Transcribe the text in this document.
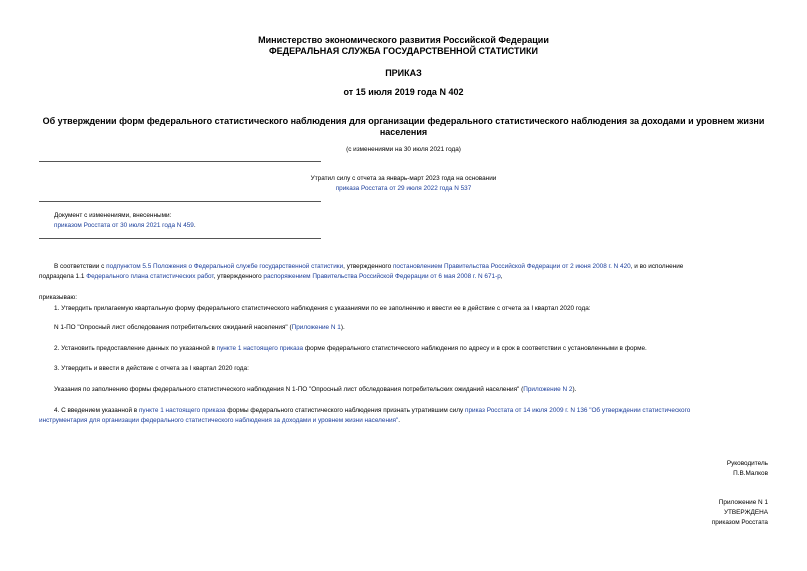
Министерство экономического развития Российской Федерации
ФЕДЕРАЛЬНАЯ СЛУЖБА ГОСУДАРСТВЕННОЙ СТАТИСТИКИ
ПРИКАЗ
от 15 июля 2019 года N 402
Об утверждении форм федерального статистического наблюдения для организации федерального статистического наблюдения за доходами и уровнем жизни
населения
(с изменениями на 30 июля 2021 года)
Утратил силу с отчета за январь-март 2023 года на основании
приказа Росстата от 29 июля 2022 года N 537
Документ с изменениями, внесенными:
приказом Росстата от 30 июля 2021 года N 459.
В соответствии с подпунктом 5.5 Положения о Федеральной службе государственной статистики, утвержденного постановлением Правительства Российской Федерации от 2 июня 2008 г. N 420, и во исполнение
подраздела 1.1 Федерального плана статистических работ, утвержденного распоряжением Правительства Российской Федерации от 6 мая 2008 г. N 671-р,
приказываю:
1. Утвердить прилагаемую квартальную форму федерального статистического наблюдения с указаниями по ее заполнению и ввести ее в действие с отчета за I квартал 2020 года:
N 1-ПО "Опросный лист обследования потребительских ожиданий населения" (Приложение N 1).
2. Установить предоставление данных по указанной в пункте 1 настоящего приказа форме федерального статистического наблюдения по адресу и в срок в соответствии с установленными в форме.
3. Утвердить и ввести в действие с отчета за I квартал 2020 года:
Указания по заполнению формы федерального статистического наблюдения N 1-ПО "Опросный лист обследования потребительских ожиданий населения" (Приложение N 2).
4. С введением указанной в пункте 1 настоящего приказа формы федерального статистического наблюдения признать утратившим силу приказ Росстата от 14 июля 2009 г. N 136 "Об утверждении статистического
инструментария для организации федерального статистического наблюдения за доходами и уровнем жизни населения".
Руководитель
П.В.Малков
Приложение N 1
УТВЕРЖДЕНА
приказом Росстата
